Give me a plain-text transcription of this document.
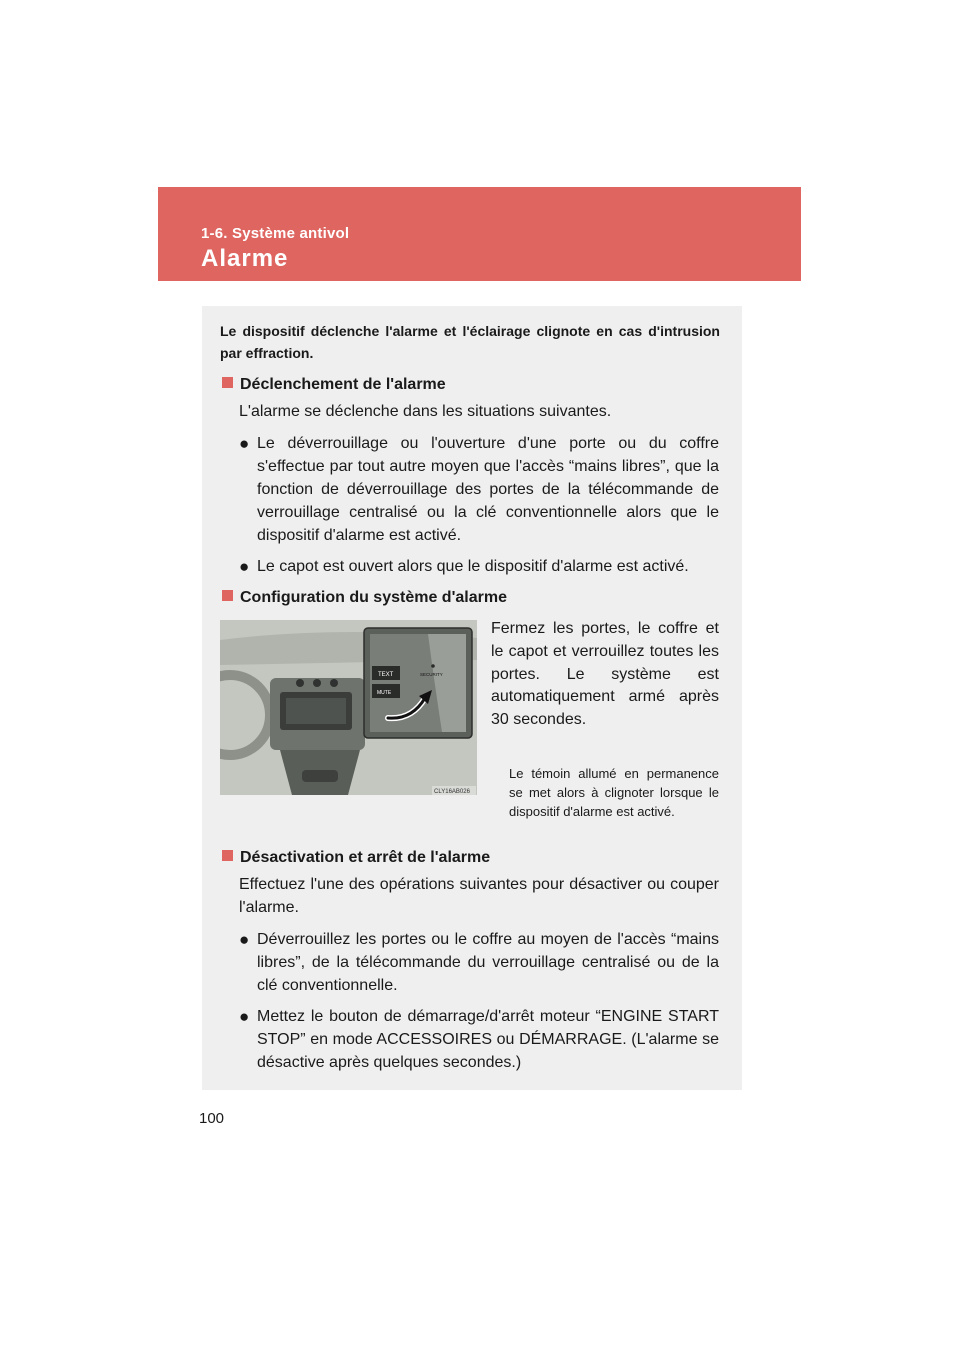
1-6. Système antivol
Alarme
Le dispositif déclenche l'alarme et l'éclairage clignote en cas d'intrusion par effraction.
Déclenchement de l'alarme
L'alarme se déclenche dans les situations suivantes.
● Le déverrouillage ou l'ouverture d'une porte ou du coffre s'effectue par tout autre moyen que l'accès “mains libres”, que la fonction de déverrouillage des portes de la télécommande de verrouillage centralisé ou la clé conventionnelle alors que le dispositif d'alarme est activé.
● Le capot est ouvert alors que le dispositif d'alarme est activé.
Configuration du système d'alarme
TEXT
MUTE
SECURITY
CLY16AB026
Fermez les portes, le coffre et le capot et verrouillez toutes les portes. Le système est automatiquement armé après 30 secondes.
Le témoin allumé en permanence se met alors à clignoter lorsque le dispositif d'alarme est activé.
Désactivation et arrêt de l'alarme
Effectuez l'une des opérations suivantes pour désactiver ou couper l'alarme.
● Déverrouillez les portes ou le coffre au moyen de l'accès “mains libres”, de la télécommande du verrouillage centralisé ou de la clé conventionnelle.
● Mettez le bouton de démarrage/d'arrêt moteur “ENGINE START STOP” en mode ACCESSOIRES ou DÉMARRAGE. (L'alarme se désactive après quelques secondes.)
100
